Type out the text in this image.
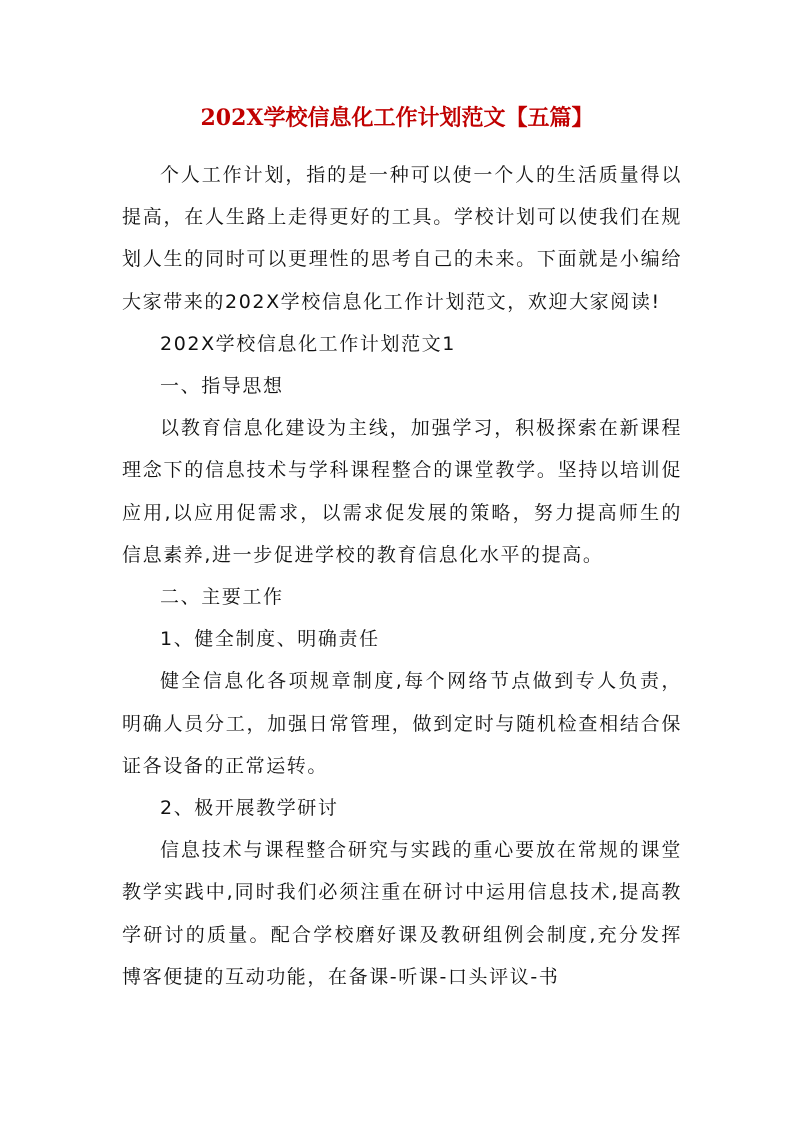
202X学校信息化工作计划范文【五篇】

个人工作计划，指的是一种可以使一个人的生活质量得以提高，在人生路上走得更好的工具。学校计划可以使我们在规划人生的同时可以更理性的思考自己的未来。下面就是小编给大家带来的202X学校信息化工作计划范文，欢迎大家阅读!

202X学校信息化工作计划范文1

一、指导思想

以教育信息化建设为主线，加强学习，积极探索在新课程理念下的信息技术与学科课程整合的课堂教学。坚持以培训促应用,以应用促需求，以需求促发展的策略，努力提高师生的信息素养,进一步促进学校的教育信息化水平的提高。

二、主要工作

1、健全制度、明确责任

健全信息化各项规章制度,每个网络节点做到专人负责，明确人员分工，加强日常管理，做到定时与随机检查相结合保证各设备的正常运转。

2、极开展教学研讨

信息技术与课程整合研究与实践的重心要放在常规的课堂教学实践中,同时我们必须注重在研讨中运用信息技术,提高教学研讨的质量。配合学校磨好课及教研组例会制度,充分发挥博客便捷的互动功能，在备课-听课-口头评议-书
